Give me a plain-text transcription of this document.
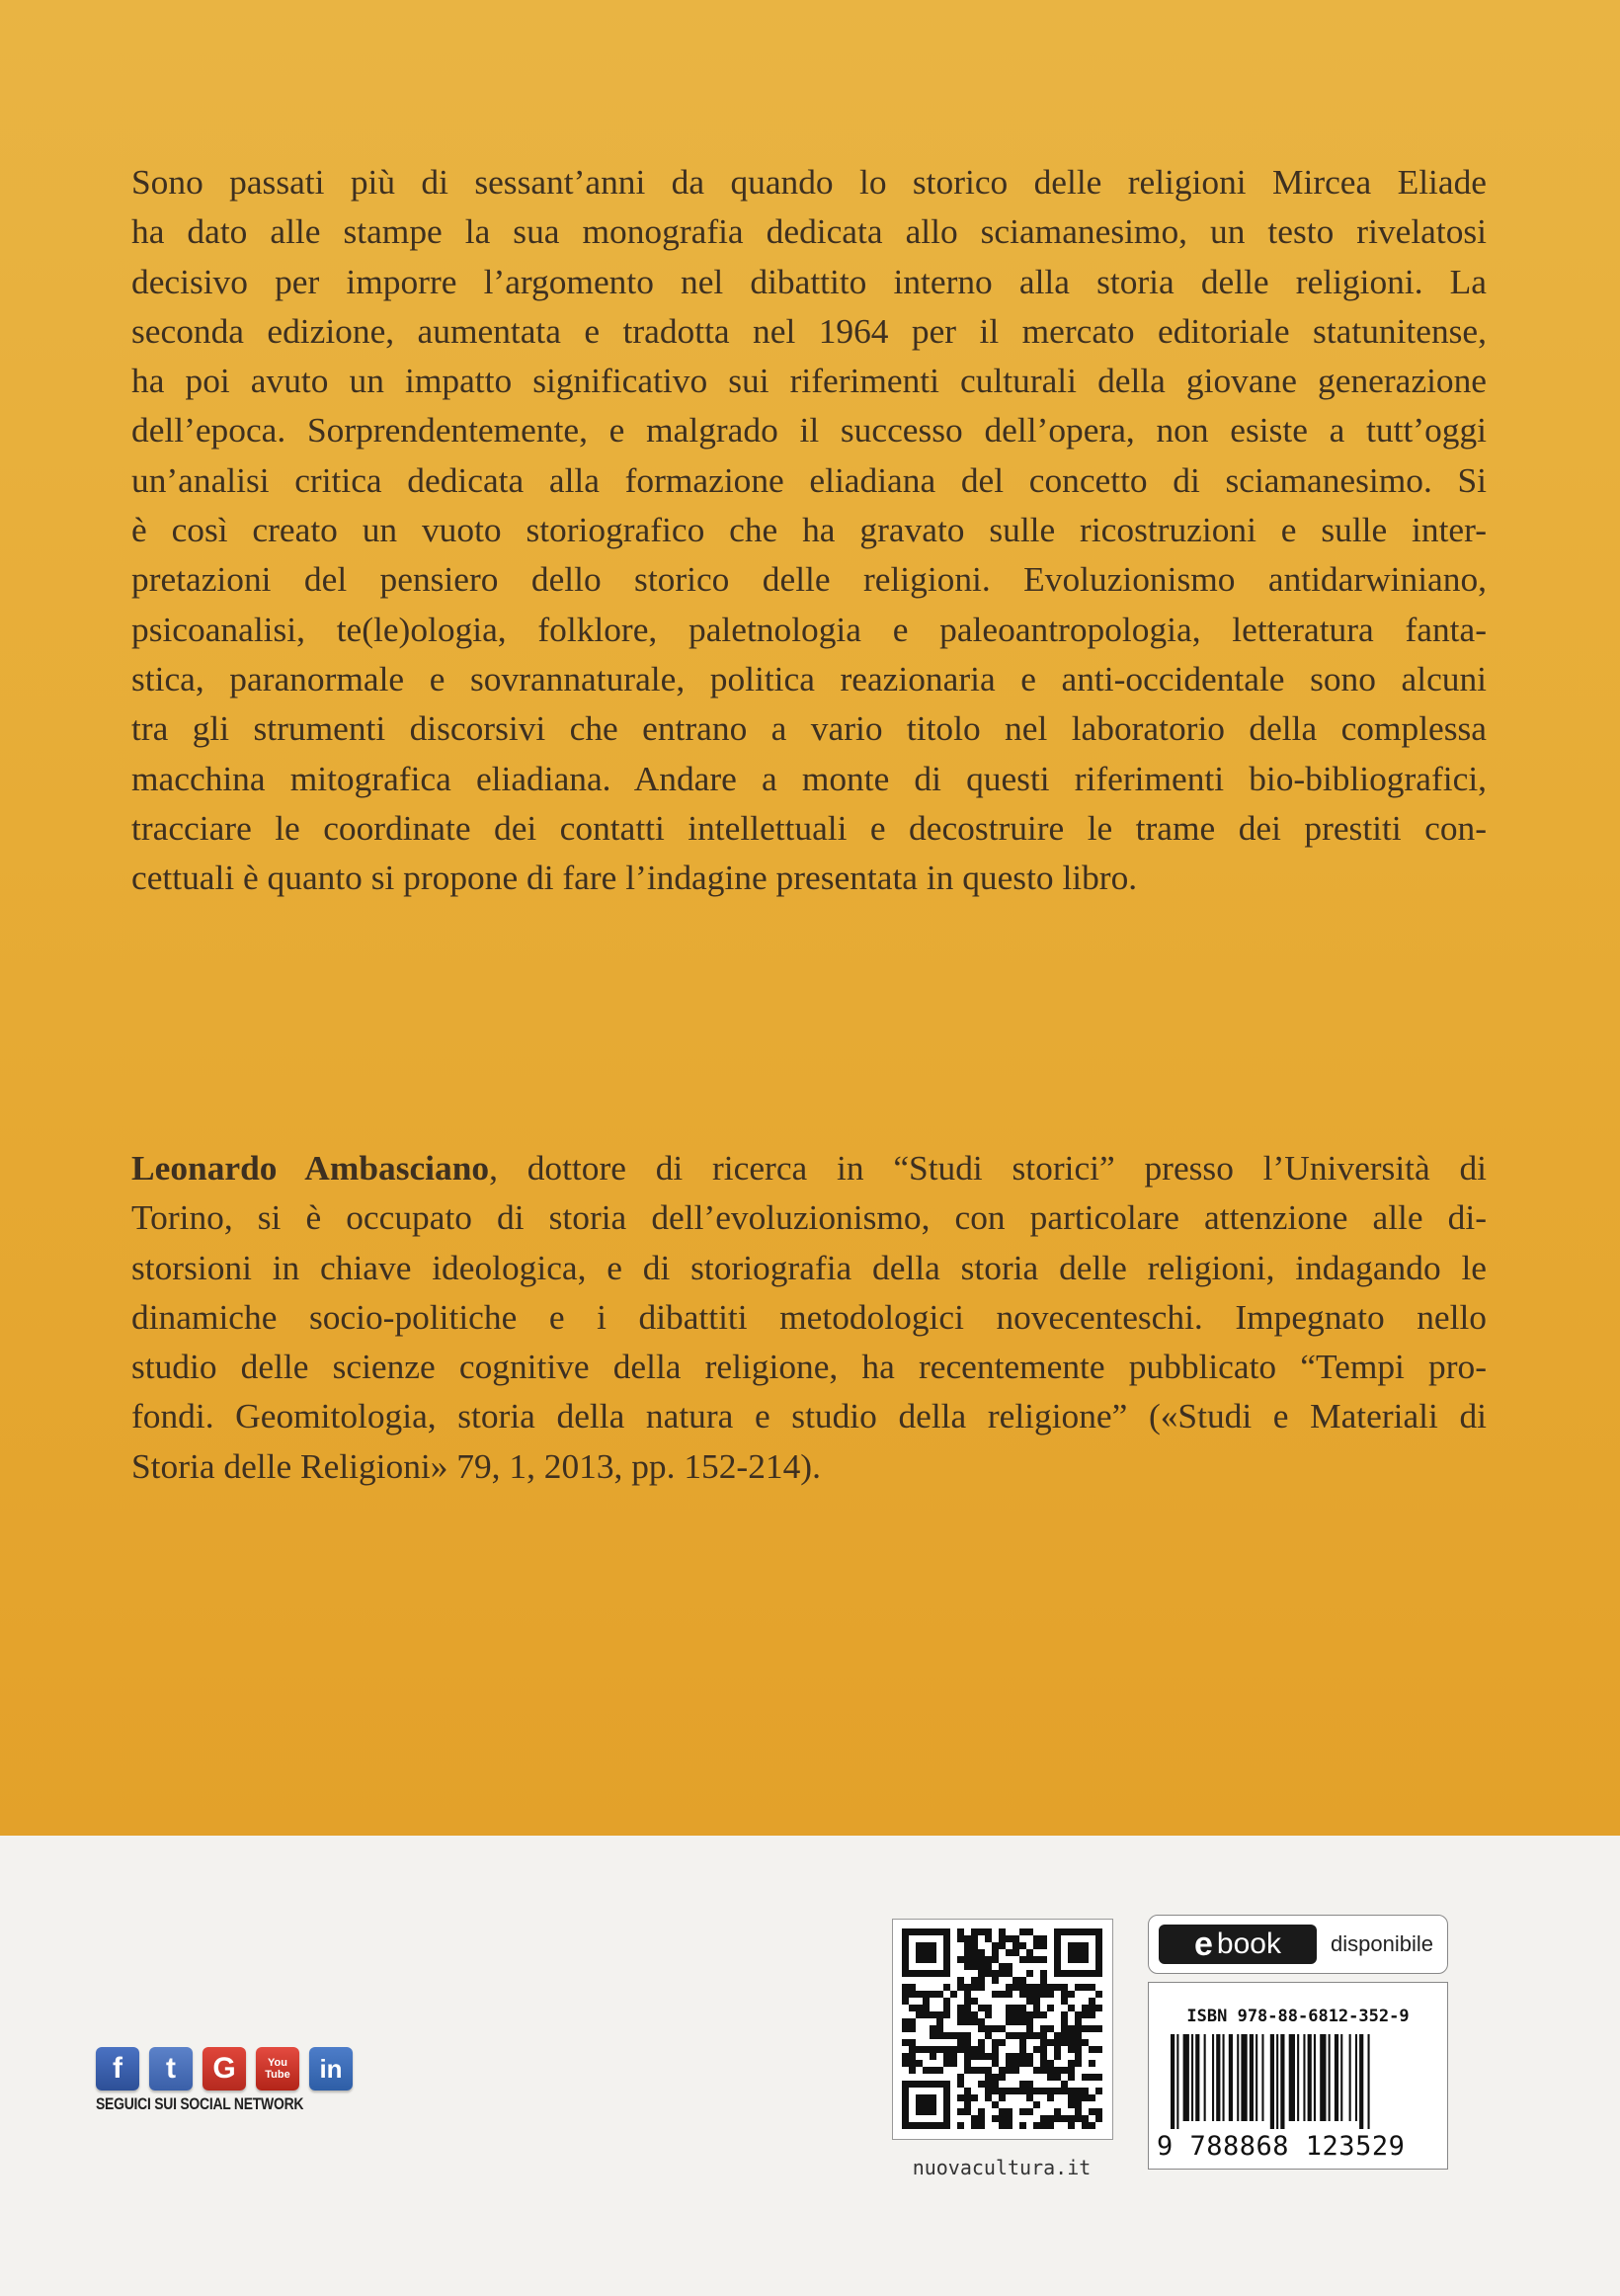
Sono passati più di sessant’anni da quando lo storico delle religioni Mircea Eliade
ha dato alle stampe la sua monografia dedicata allo sciamanesimo, un testo rivelatosi
decisivo per imporre l’argomento nel dibattito interno alla storia delle religioni. La
seconda edizione, aumentata e tradotta nel 1964 per il mercato editoriale statunitense,
ha poi avuto un impatto significativo sui riferimenti culturali della giovane generazione
dell’epoca. Sorprendentemente, e malgrado il successo dell’opera, non esiste a tutt’oggi
un’analisi critica dedicata alla formazione eliadiana del concetto di sciamanesimo. Si
è così creato un vuoto storiografico che ha gravato sulle ricostruzioni e sulle inter-
pretazioni del pensiero dello storico delle religioni. Evoluzionismo antidarwiniano,
psicoanalisi, te(le)ologia, folklore, paletnologia e paleoantropologia, letteratura fanta-
stica, paranormale e sovrannaturale, politica reazionaria e anti-occidentale sono alcuni
tra gli strumenti discorsivi che entrano a vario titolo nel laboratorio della complessa
macchina mitografica eliadiana. Andare a monte di questi riferimenti bio-bibliografici,
tracciare le coordinate dei contatti intellettuali e decostruire le trame dei prestiti con-
cettuali è quanto si propone di fare l’indagine presentata in questo libro.
Leonardo Ambasciano, dottore di ricerca in “Studi storici” presso l’Università di
Torino, si è occupato di storia dell’evoluzionismo, con particolare attenzione alle di-
storsioni in chiave ideologica, e di storiografia della storia delle religioni, indagando le
dinamiche socio-politiche e i dibattiti metodologici novecenteschi. Impegnato nello
studio delle scienze cognitive della religione, ha recentemente pubblicato “Tempi pro-
fondi. Geomitologia, storia della natura e studio della religione” («Studi e Materiali di
Storia delle Religioni» 79, 1, 2013, pp. 152-214).
f	t	G	You
Tube	in
SEGUICI SUI SOCIAL NETWORK
nuovacultura.it
e book disponibile
ISBN 978-88-6812-352-9
9 788868 123529
